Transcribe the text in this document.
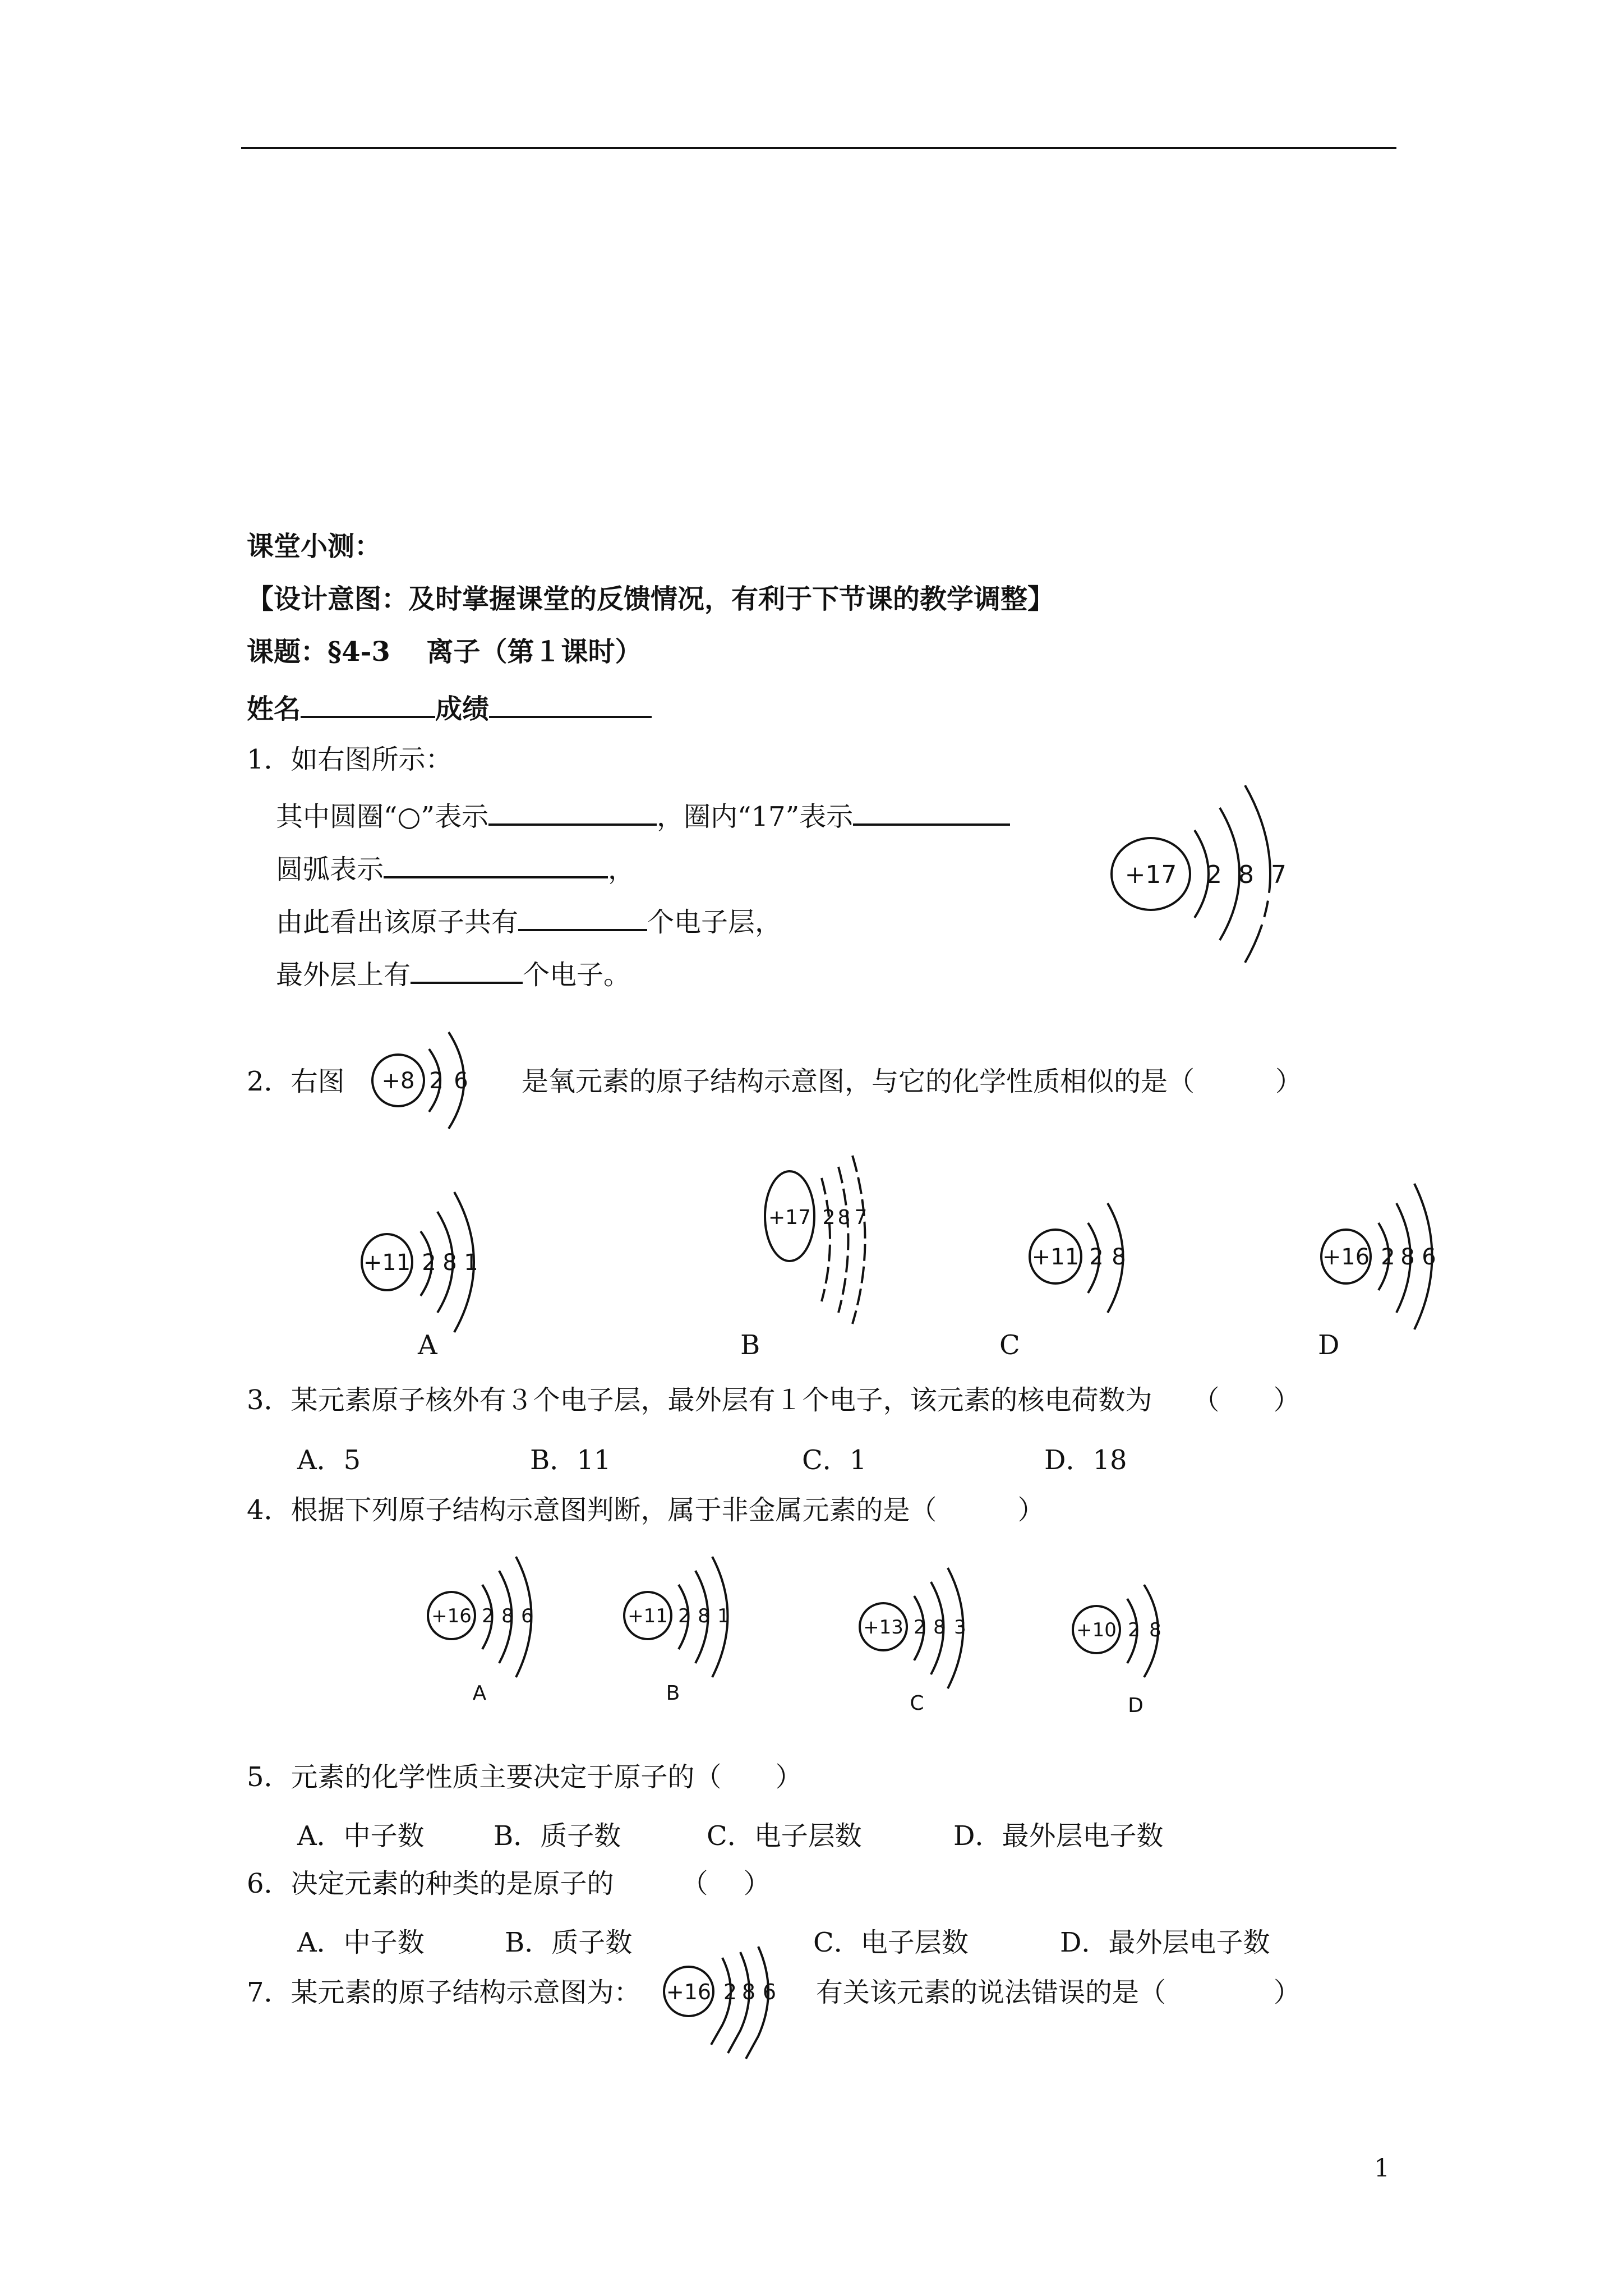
课堂小测：
【设计意图：及时掌握课堂的反馈情况，有利于下节课的教学调整】
课题：§4-3　 离子（第１课时）
姓名	成绩
1．如右图所示：
其中圆圈“○”表示	，圈内“17”表示
圆弧表示	，
由此看出该原子共有	个电子层，
最外层上有	个电子。
+17 2 8 7
2．右图 +8 2 6 是氧元素的原子结构示意图，与它的化学性质相似的是（　　　）
+11 2 8 1
+17 2 8 7
+11 2 8	+16 2 8 6
A	B	C	D
3．某元素原子核外有３个电子层，最外层有１个电子，该元素的核电荷数为　　（　　）
A．5	B．11	C．1	D．18
4．根据下列原子结构示意图判断，属于非金属元素的是（　　　）
+16 2 8 6
A
+11 2 8 1
B
+13 2 8 3
C
+10 2 8
D
5．元素的化学性质主要决定于原子的（　　）
A．中子数	B．质子数	C．电子层数	D．最外层电子数
6．决定元素的种类的是原子的　　　（　 ）
A．中子数	B．质子数	C．电子层数	D．最外层电子数
7．某元素的原子结构示意图为： +16 2 8 6 有关该元素的说法错误的是（　　　　）
1
